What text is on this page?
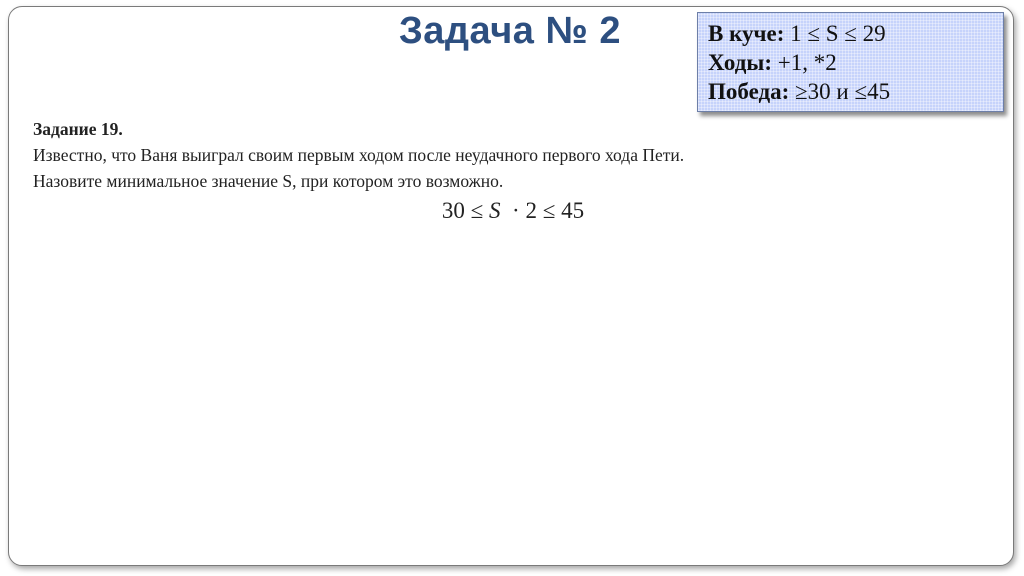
Задача № 2	В куче: 1 ≤ S ≤ 29
Ходы: +1, *2
Победа: ≥30 и ≤45
Задание 19.
Известно, что Ваня выиграл своим первым ходом после неудачного первого хода Пети.
Назовите минимальное значение S, при котором это возможно.
30 ≤ S  · 2 ≤ 45
